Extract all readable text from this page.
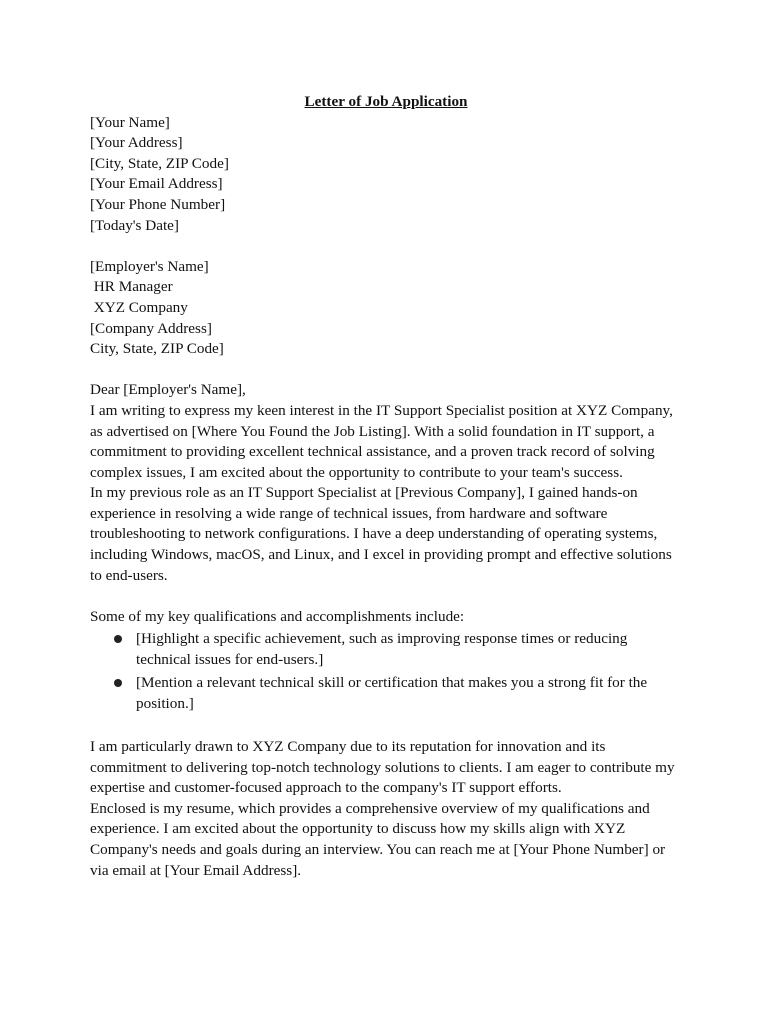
Letter of Job Application

[Your Name]

[Your Address]

[City, State, ZIP Code]

[Your Email Address]

[Your Phone Number]

[Today's Date]

[Employer's Name]

HR Manager

XYZ Company

[Company Address]

City, State, ZIP Code]

Dear [Employer's Name],

I am writing to express my keen interest in the IT Support Specialist position at XYZ Company, as advertised on [Where You Found the Job Listing]. With a solid foundation in IT support, a commitment to providing excellent technical assistance, and a proven track record of solving complex issues, I am excited about the opportunity to contribute to your team's success.

In my previous role as an IT Support Specialist at [Previous Company], I gained hands-on experience in resolving a wide range of technical issues, from hardware and software troubleshooting to network configurations. I have a deep understanding of operating systems, including Windows, macOS, and Linux, and I excel in providing prompt and effective solutions to end-users.

Some of my key qualifications and accomplishments include:

[Highlight a specific achievement, such as improving response times or reducing technical issues for end-users.]
[Mention a relevant technical skill or certification that makes you a strong fit for the position.]

I am particularly drawn to XYZ Company due to its reputation for innovation and its commitment to delivering top-notch technology solutions to clients. I am eager to contribute my expertise and customer-focused approach to the company's IT support efforts.

Enclosed is my resume, which provides a comprehensive overview of my qualifications and experience. I am excited about the opportunity to discuss how my skills align with XYZ Company's needs and goals during an interview. You can reach me at [Your Phone Number] or via email at [Your Email Address].
